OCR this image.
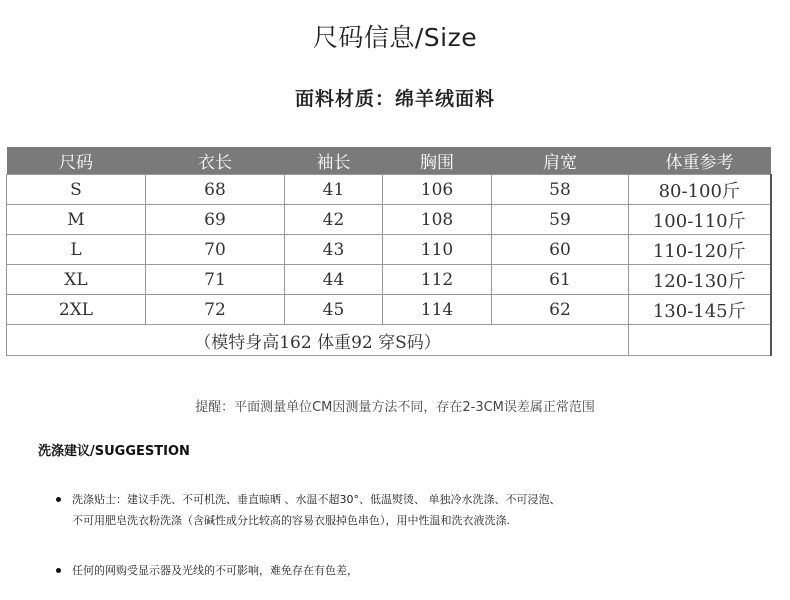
尺码信息/Size
面料材质：绵羊绒面料
尺码	衣长	袖长	胸围	肩宽	体重参考
S	68	41	106	58	80-100斤
M	69	42	108	59	100-110斤
L	70	43	110	60	110-120斤
XL	71	44	112	61	120-130斤
2XL	72	45	114	62	130-145斤
（模特身高162 体重92 穿S码）					
提醒：平面测量单位CM因测量方法不同，存在2-3CM误差属正常范围
洗涤建议/SUGGESTION
洗涤贴士：建议手洗、不可机洗、垂直晾晒 、水温不超30°、低温熨烫、 单独冷水洗涤、不可浸泡、
不可用肥皂洗衣粉洗涤（含碱性成分比较高的容易衣服掉色串色），用中性温和洗衣液洗涤.
任何的网购受显示器及光线的不可影响，难免存在有色差，
